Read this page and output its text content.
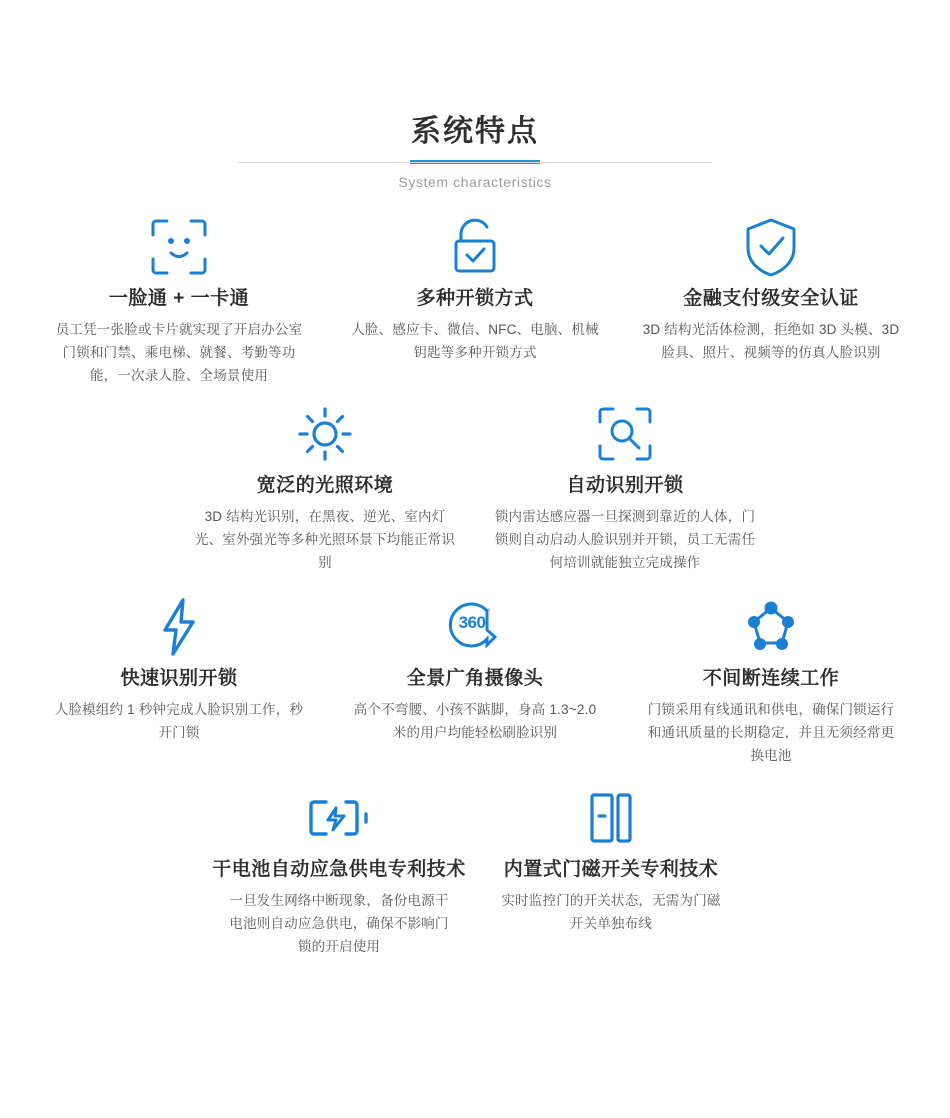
系统特点
System characteristics
一脸通 + 一卡通
员工凭一张脸或卡片就实现了开启办公室门锁和门禁、乘电梯、就餐、考勤等功能，一次录人脸、全场景使用
多种开锁方式
人脸、感应卡、微信、NFC、电脑、机械钥匙等多种开锁方式
金融支付级安全认证
3D 结构光活体检测，拒绝如 3D 头模、3D 脸具、照片、视频等的仿真人脸识别
宽泛的光照环境
3D 结构光识别，在黑夜、逆光、室内灯光、室外强光等多种光照环景下均能正常识别
自动识别开锁
锁内雷达感应器一旦探测到靠近的人体，门锁则自动启动人脸识别并开锁，员工无需任何培训就能独立完成操作
快速识别开锁
人脸模组约 1 秒钟完成人脸识别工作，秒开门锁
360
°
全景广角摄像头
高个不弯腰、小孩不踮脚，身高 1.3~2.0 米的用户均能轻松刷脸识别
不间断连续工作
门锁采用有线通讯和供电，确保门锁运行和通讯质量的长期稳定，并且无须经常更换电池
干电池自动应急供电专利技术
一旦发生网络中断现象，备份电源干电池则自动应急供电，确保不影响门锁的开启使用
内置式门磁开关专利技术
实时监控门的开关状态，无需为门磁开关单独布线
